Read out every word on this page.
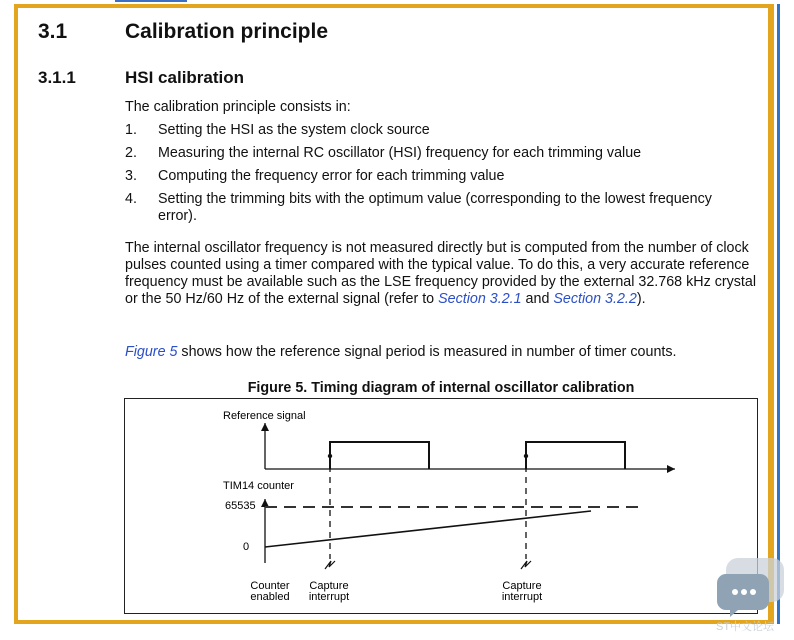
3.1	Calibration principle
3.1.1	HSI calibration
The calibration principle consists in:
1. Setting the HSI as the system clock source
2. Measuring the internal RC oscillator (HSI) frequency for each trimming value
3. Computing the frequency error for each trimming value
4. Setting the trimming bits with the optimum value (corresponding to the lowest frequency error).
The internal oscillator frequency is not measured directly but is computed from the number of clock pulses counted using a timer compared with the typical value. To do this, a very accurate reference frequency must be available such as the LSE frequency provided by the external 32.768 kHz crystal or the 50 Hz/60 Hz of the external signal (refer to Section 3.2.1 and Section 3.2.2).
Figure 5 shows how the reference signal period is measured in number of timer counts.
Figure 5. Timing diagram of internal oscillator calibration
Reference signal
TIM14 counter
65535
0
Counter
enabled
Capture
interrupt
Capture
interrupt
ST中文论坛
